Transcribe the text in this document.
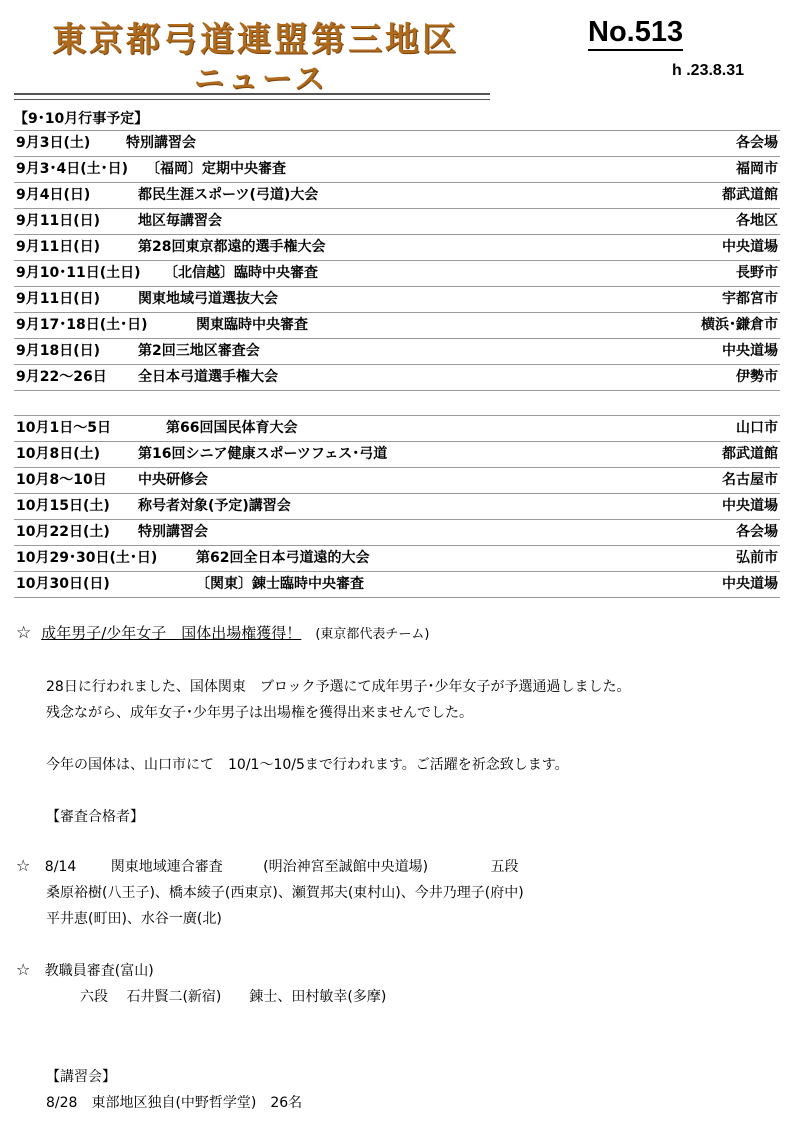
東京都弓道連盟第三地区
ニュース
No.513
h .23.8.31
【9･10月行事予定】
9月3日(土)	特別講習会	各会場
9月3･4日(土･日) 〔福岡〕定期中央審査	福岡市
9月4日(日)	都民生涯スポーツ(弓道)大会	都武道館
9月11日(日)	地区毎講習会	各地区
9月11日(日)	第28回東京都遠的選手権大会	中央道場
9月10･11日(土日) 〔北信越〕臨時中央審査	長野市
9月11日(日)	関東地域弓道選抜大会	宇都宮市
9月17･18日(土･日)	関東臨時中央審査	横浜･鎌倉市
9月18日(日)	第2回三地区審査会	中央道場
9月22～26日 全日本弓道選手権大会	伊勢市
10月1日～5日	第66回国民体育大会	山口市
10月8日(土)	第16回シニア健康スポーツフェス･弓道	都武道館
10月8～10日 中央研修会	名古屋市
10月15日(土) 称号者対象(予定)講習会	中央道場
10月22日(土) 特別講習会	各会場
10月29･30日(土･日)	第62回全日本弓道遠的大会	弘前市
10月30日(日)	〔関東〕錬士臨時中央審査	中央道場
☆ 成年男子/少年女子　国体出場権獲得！ (東京都代表チーム)
28日に行われました、国体関東　ブロック予選にて成年男子･少年女子が予選通過しました。
残念ながら、成年女子･少年男子は出場権を獲得出来ませんでした。
今年の国体は、山口市にて　10/1～10/5まで行われます。ご活躍を祈念致します。
【審査合格者】
☆ 8/14 関東地域連合審査	(明治神宮至誠館中央道場)	五段
桑原裕樹(八王子)、橋本綾子(西東京)、瀬賀邦夫(東村山)、今井乃理子(府中)
平井恵(町田)、水谷一廣(北)
☆ 教職員審査(富山)
六段　 石井賢二(新宿)　　錬士、田村敏幸(多摩)
【講習会】
8/28　東部地区独自(中野哲学堂)　26名
